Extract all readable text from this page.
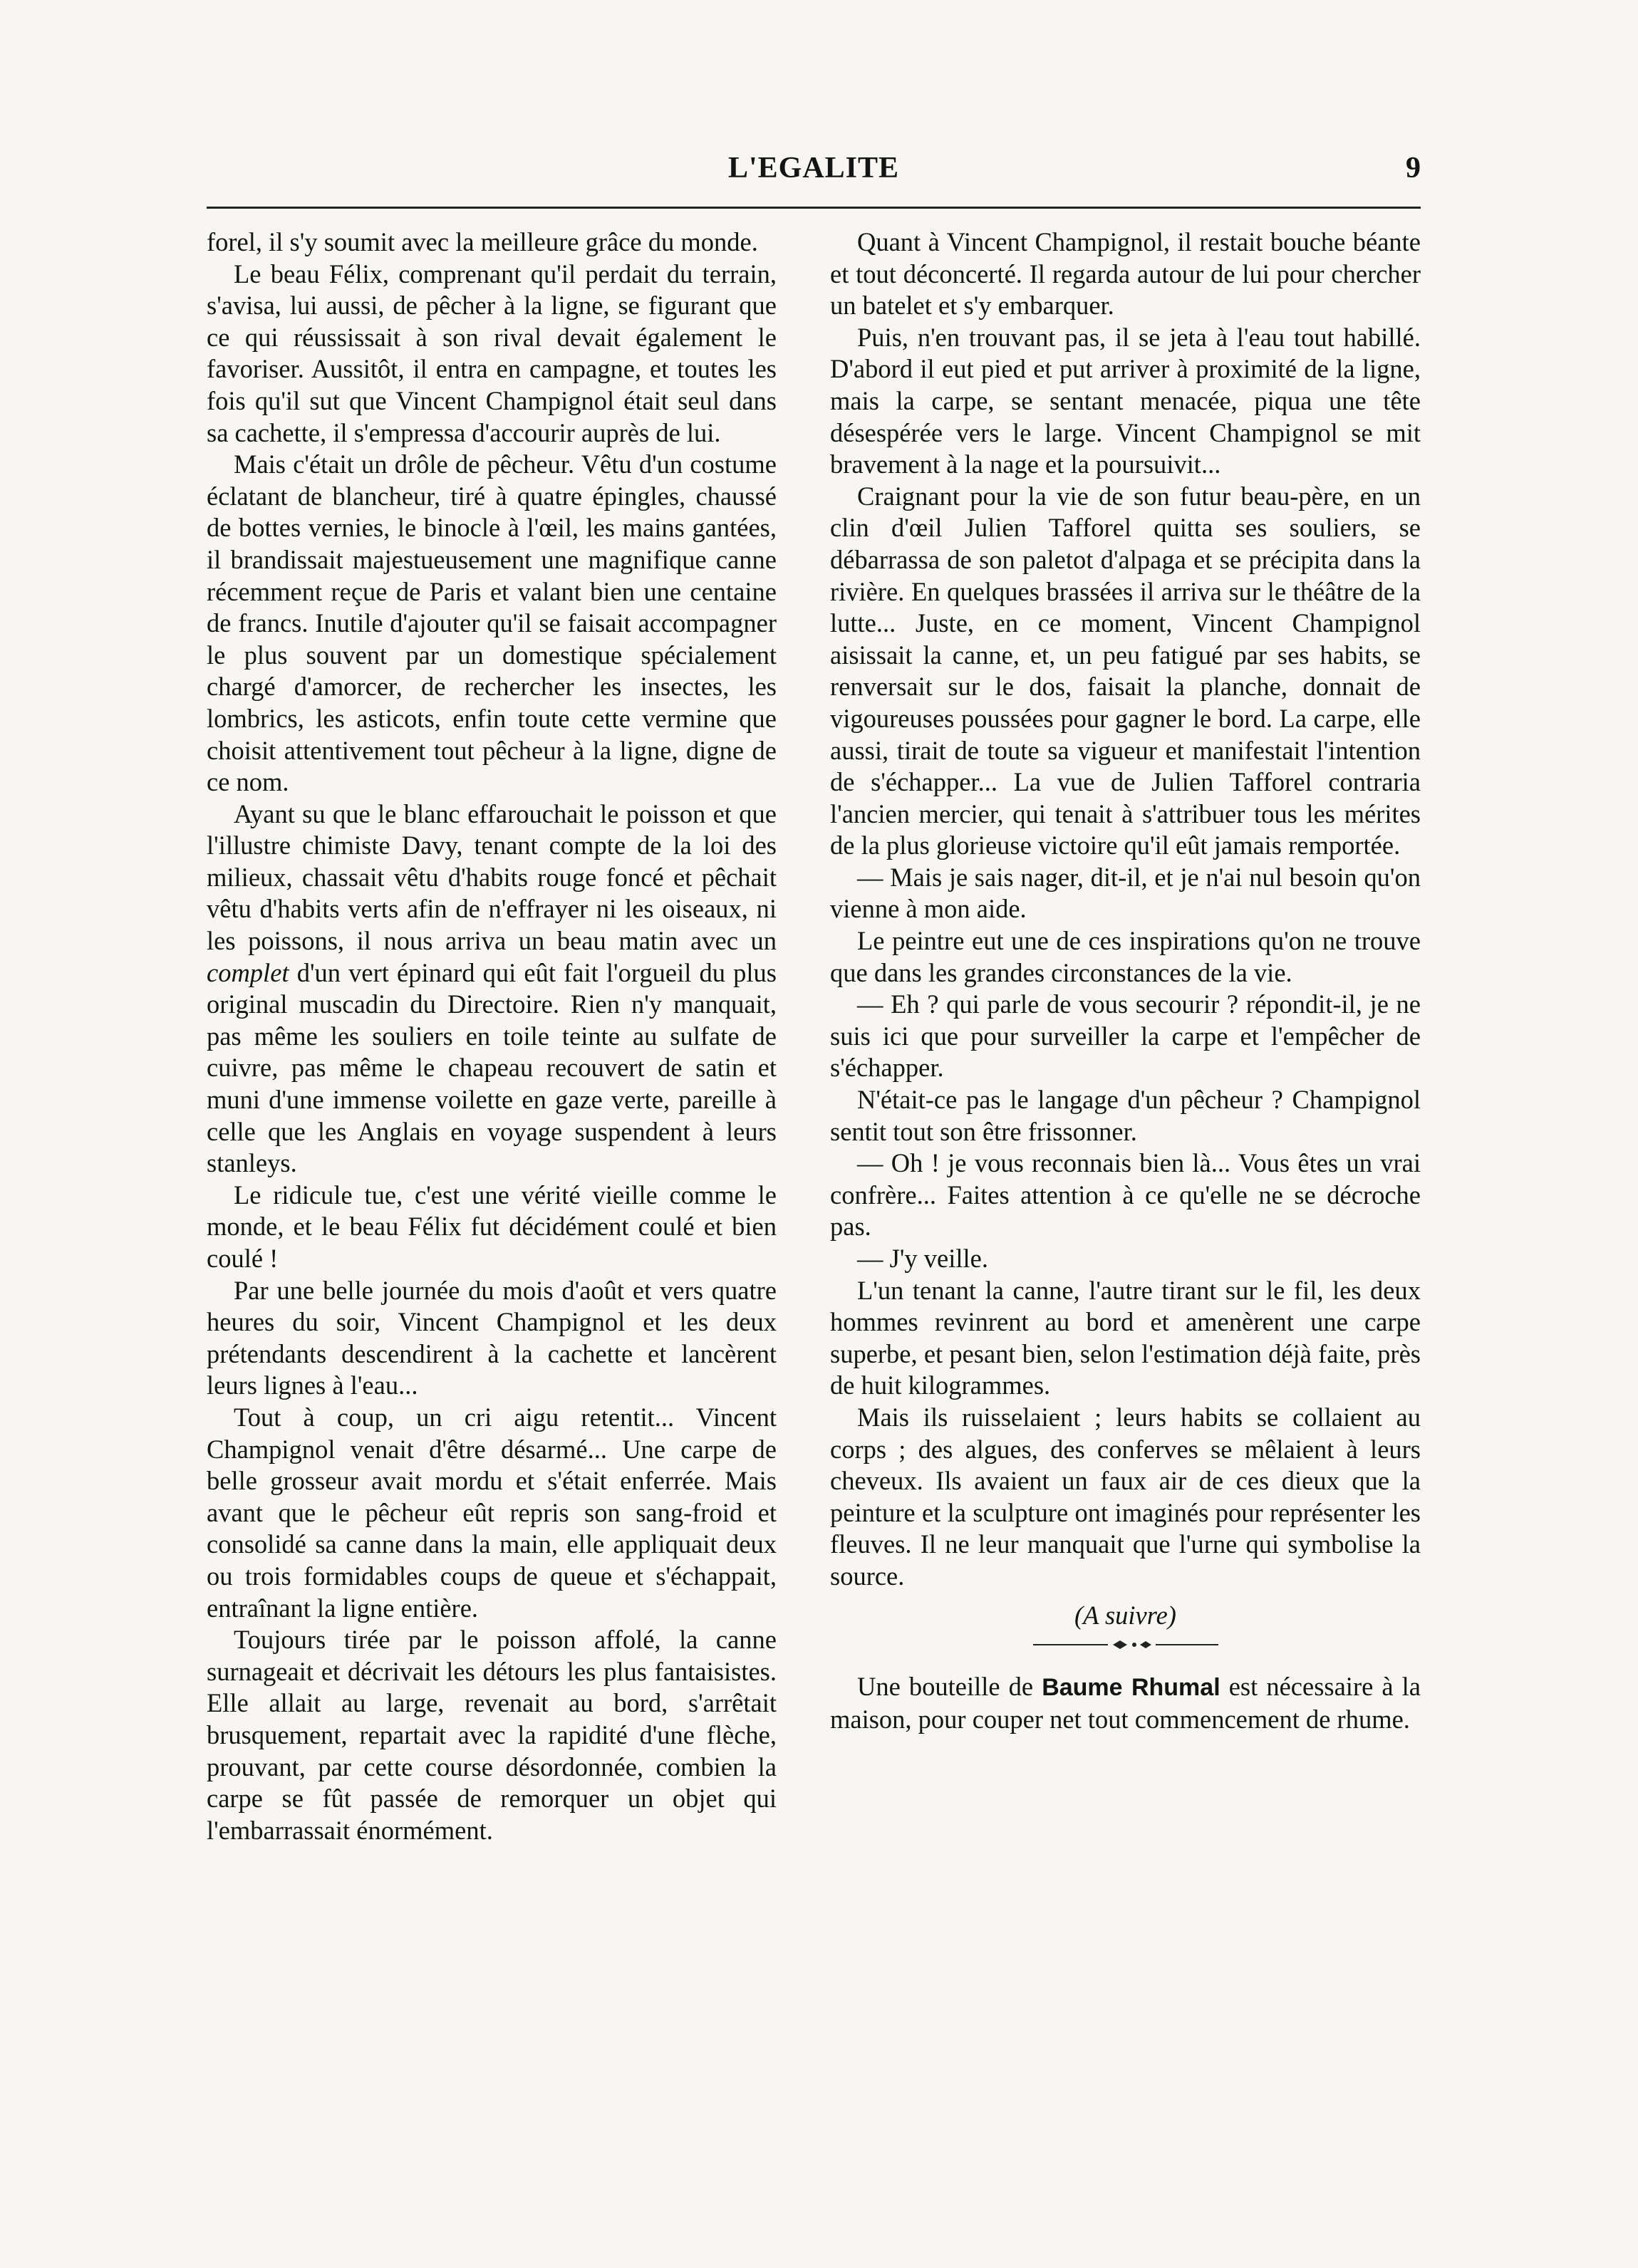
L'EGALITE	9

forel, il s'y soumit avec la meilleure grâce du monde.

Le beau Félix, comprenant qu'il perdait du terrain, s'avisa, lui aussi, de pêcher à la ligne, se figurant que ce qui réussissait à son rival devait également le favoriser. Aussitôt, il entra en campagne, et toutes les fois qu'il sut que Vincent Champignol était seul dans sa cachette, il s'empressa d'accourir auprès de lui.

Mais c'était un drôle de pêcheur. Vêtu d'un costume éclatant de blancheur, tiré à quatre épingles, chaussé de bottes vernies, le binocle à l'œil, les mains gantées, il brandissait majestueusement une magnifique canne récemment reçue de Paris et valant bien une centaine de francs. Inutile d'ajouter qu'il se faisait accompagner le plus souvent par un domestique spécialement chargé d'amorcer, de rechercher les insectes, les lombrics, les asticots, enfin toute cette vermine que choisit attentivement tout pêcheur à la ligne, digne de ce nom.

Ayant su que le blanc effarouchait le poisson et que l'illustre chimiste Davy, tenant compte de la loi des milieux, chassait vêtu d'habits rouge foncé et pêchait vêtu d'habits verts afin de n'effrayer ni les oiseaux, ni les poissons, il nous arriva un beau matin avec un complet d'un vert épinard qui eût fait l'orgueil du plus original muscadin du Directoire. Rien n'y manquait, pas même les souliers en toile teinte au sulfate de cuivre, pas même le chapeau recouvert de satin et muni d'une immense voilette en gaze verte, pareille à celle que les Anglais en voyage suspendent à leurs stanleys.

Le ridicule tue, c'est une vérité vieille comme le monde, et le beau Félix fut décidément coulé et bien coulé !

Par une belle journée du mois d'août et vers quatre heures du soir, Vincent Champignol et les deux prétendants descendirent à la cachette et lancèrent leurs lignes à l'eau...

Tout à coup, un cri aigu retentit... Vincent Champignol venait d'être désarmé... Une carpe de belle grosseur avait mordu et s'était enferrée. Mais avant que le pêcheur eût repris son sang-froid et consolidé sa canne dans la main, elle appliquait deux ou trois formidables coups de queue et s'échappait, entraînant la ligne entière.

Toujours tirée par le poisson affolé, la canne surnageait et décrivait les détours les plus fantaisistes. Elle allait au large, revenait au bord, s'arrêtait brusquement, repartait avec la rapidité d'une flèche, prouvant, par cette course désordonnée, combien la carpe se fût passée de remorquer un objet qui l'embarrassait énormément.

Quant à Vincent Champignol, il restait bouche béante et tout déconcerté. Il regarda autour de lui pour chercher un batelet et s'y embarquer.

Puis, n'en trouvant pas, il se jeta à l'eau tout habillé. D'abord il eut pied et put arriver à proximité de la ligne, mais la carpe, se sentant menacée, piqua une tête désespérée vers le large. Vincent Champignol se mit bravement à la nage et la poursuivit...

Craignant pour la vie de son futur beau-père, en un clin d'œil Julien Tafforel quitta ses souliers, se débarrassa de son paletot d'alpaga et se précipita dans la rivière. En quelques brassées il arriva sur le théâtre de la lutte... Juste, en ce moment, Vincent Champignol aisissait la canne, et, un peu fatigué par ses habits, se renversait sur le dos, faisait la planche, donnait de vigoureuses poussées pour gagner le bord. La carpe, elle aussi, tirait de toute sa vigueur et manifestait l'intention de s'échapper... La vue de Julien Tafforel contraria l'ancien mercier, qui tenait à s'attribuer tous les mérites de la plus glorieuse victoire qu'il eût jamais remportée.

— Mais je sais nager, dit-il, et je n'ai nul besoin qu'on vienne à mon aide.

Le peintre eut une de ces inspirations qu'on ne trouve que dans les grandes circonstances de la vie.

— Eh ? qui parle de vous secourir ? répondit-il, je ne suis ici que pour surveiller la carpe et l'empêcher de s'échapper.

N'était-ce pas le langage d'un pêcheur ? Champignol sentit tout son être frissonner.

— Oh ! je vous reconnais bien là... Vous êtes un vrai confrère... Faites attention à ce qu'elle ne se décroche pas.

— J'y veille.

L'un tenant la canne, l'autre tirant sur le fil, les deux hommes revinrent au bord et amenèrent une carpe superbe, et pesant bien, selon l'estimation déjà faite, près de huit kilogrammes.

Mais ils ruisselaient ; leurs habits se collaient au corps ; des algues, des conferves se mêlaient à leurs cheveux. Ils avaient un faux air de ces dieux que la peinture et la sculpture ont imaginés pour représenter les fleuves. Il ne leur manquait que l'urne qui symbolise la source.

(A suivre)

Une bouteille de Baume Rhumal est nécessaire à la maison, pour couper net tout commencement de rhume.
